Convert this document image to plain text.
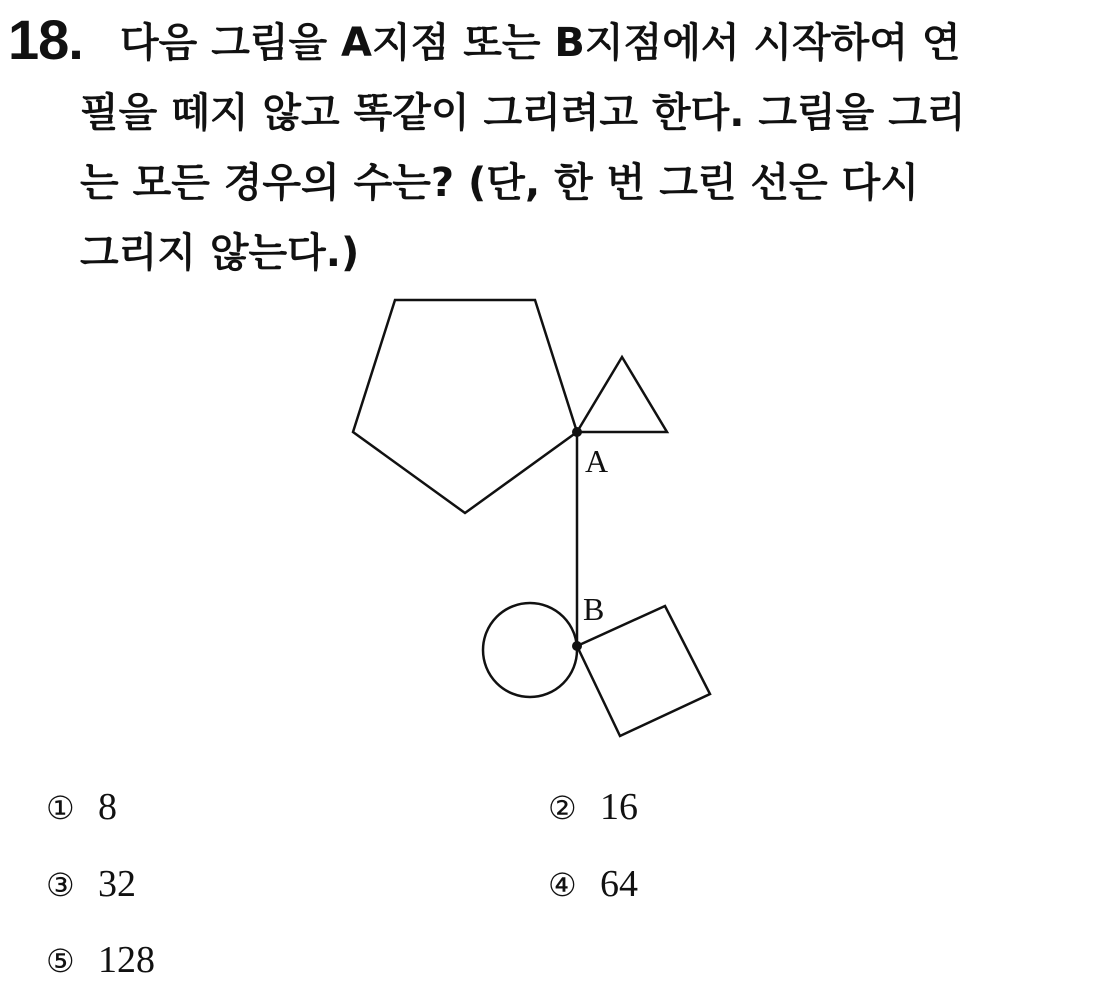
18. 다음 그림을 A지점 또는 B지점에서 시작하여 연
필을 떼지 않고 똑같이 그리려고 한다. 그림을 그리
는 모든 경우의 수는? (단, 한 번 그린 선은 다시
그리지 않는다.)
A
B
① 8	② 16
③ 32	④ 64
⑤ 128
